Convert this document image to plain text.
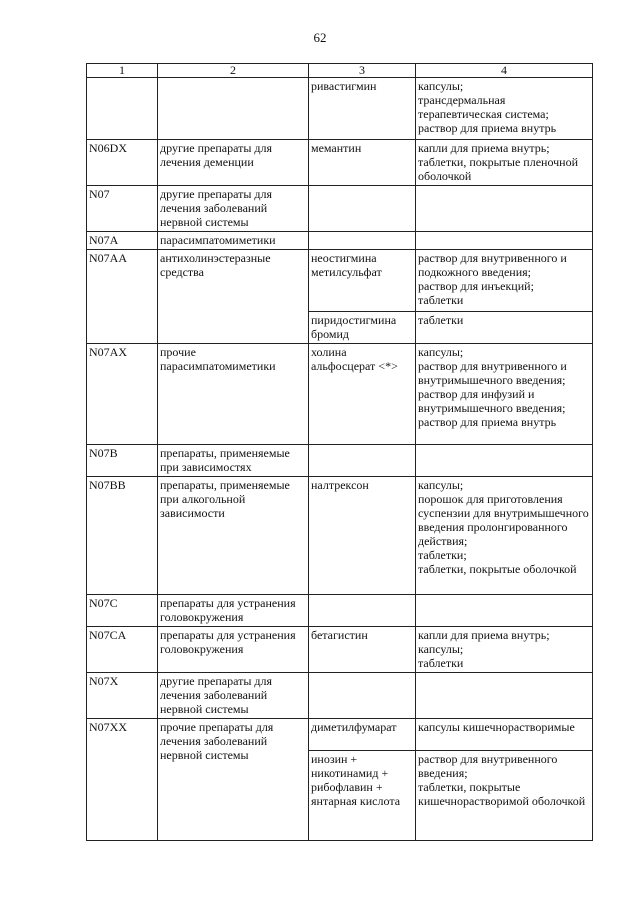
62
1	2	3	4
		ривастигмин	капсулы;
трансдермальная терапевтическая система;
раствор для приема внутрь
N06DX	другие препараты для лечения деменции	мемантин	капли для приема внутрь;
таблетки, покрытые пленочной оболочкой
N07	другие препараты для лечения заболеваний нервной системы		
N07A	парасимпатомиметики		
N07AA	антихолинэстеразные средства	неостигмина метилсульфат	раствор для внутривенного и подкожного введения;
раствор для инъекций;
таблетки
		пиридостигмина бромид	таблетки
N07AX	прочие парасимпатомиметики	холина альфосцерат <*>	капсулы;
раствор для внутривенного и внутримышечного введения;
раствор для инфузий и внутримышечного введения;
раствор для приема внутрь
N07B	препараты, применяемые при зависимостях		
N07BB	препараты, применяемые при алкогольной зависимости	налтрексон	капсулы;
порошок для приготовления суспензии для внутримышечного введения пролонгированного действия;
таблетки;
таблетки, покрытые оболочкой
N07C	препараты для устранения головокружения		
N07CA	препараты для устранения головокружения	бетагистин	капли для приема внутрь;
капсулы;
таблетки
N07X	другие препараты для лечения заболеваний нервной системы		
N07XX	прочие препараты для лечения заболеваний нервной системы	диметилфумарат	капсулы кишечнорастворимые
		инозин + никотинамид + рибофлавин + янтарная кислота	раствор для внутривенного введения;
таблетки, покрытые кишечнорастворимой оболочкой
